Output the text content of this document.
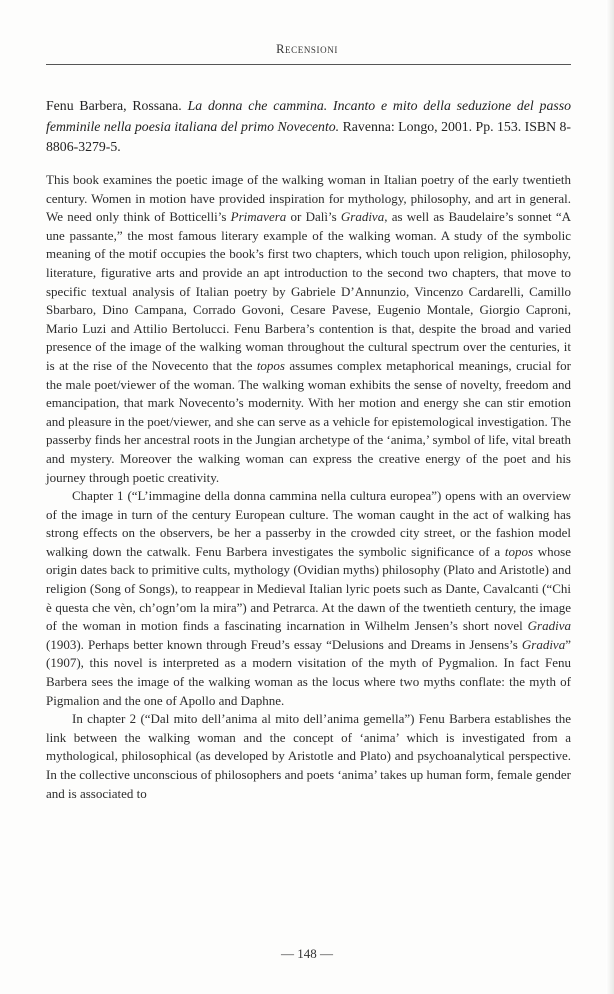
Recensioni
Fenu Barbera, Rossana. La donna che cammina. Incanto e mito della seduzione del passo femminile nella poesia italiana del primo Novecento. Ravenna: Longo, 2001. Pp. 153. ISBN 8-8806-3279-5.

This book examines the poetic image of the walking woman in Italian poetry of the early twentieth century. Women in motion have provided inspiration for mythology, philosophy, and art in general. We need only think of Botticelli’s Primavera or Dalì’s Gradiva, as well as Baudelaire’s sonnet “A une passante,” the most famous literary example of the walking woman. A study of the symbolic meaning of the motif occupies the book’s first two chapters, which touch upon religion, philosophy, literature, figurative arts and provide an apt introduction to the second two chapters, that move to specific textual analysis of Italian poetry by Gabriele D’Annunzio, Vincenzo Cardarelli, Camillo Sbarbaro, Dino Campana, Corrado Govoni, Cesare Pavese, Eugenio Montale, Giorgio Caproni, Mario Luzi and Attilio Bertolucci. Fenu Barbera’s contention is that, despite the broad and varied presence of the image of the walking woman throughout the cultural spectrum over the centuries, it is at the rise of the Novecento that the topos assumes complex metaphorical meanings, crucial for the male poet/viewer of the woman. The walking woman exhibits the sense of novelty, freedom and emancipation, that mark Novecento’s modernity. With her motion and energy she can stir emotion and pleasure in the poet/viewer, and she can serve as a vehicle for epistemological investigation. The passerby finds her ancestral roots in the Jungian archetype of the ‘anima,’ symbol of life, vital breath and mystery. Moreover the walking woman can express the creative energy of the poet and his journey through poetic creativity.

Chapter 1 (“L’immagine della donna cammina nella cultura europea”) opens with an overview of the image in turn of the century European culture. The woman caught in the act of walking has strong effects on the observers, be her a passerby in the crowded city street, or the fashion model walking down the catwalk. Fenu Barbera investigates the symbolic significance of a topos whose origin dates back to primitive cults, mythology (Ovidian myths) philosophy (Plato and Aristotle) and religion (Song of Songs), to reappear in Medieval Italian lyric poets such as Dante, Cavalcanti (“Chi è questa che vèn, ch’ogn’om la mira”) and Petrarca. At the dawn of the twentieth century, the image of the woman in motion finds a fascinating incarnation in Wilhelm Jensen’s short novel Gradiva (1903). Perhaps better known through Freud’s essay “Delusions and Dreams in Jensens’s Gradiva” (1907), this novel is interpreted as a modern visitation of the myth of Pygmalion. In fact Fenu Barbera sees the image of the walking woman as the locus where two myths conflate: the myth of Pigmalion and the one of Apollo and Daphne.

In chapter 2 (“Dal mito dell’anima al mito dell’anima gemella”) Fenu Barbera establishes the link between the walking woman and the concept of ‘anima’ which is investigated from a mythological, philosophical (as developed by Aristotle and Plato) and psychoanalytical perspective. In the collective unconscious of philosophers and poets ‘anima’ takes up human form, female gender and is associated to

— 148 —
